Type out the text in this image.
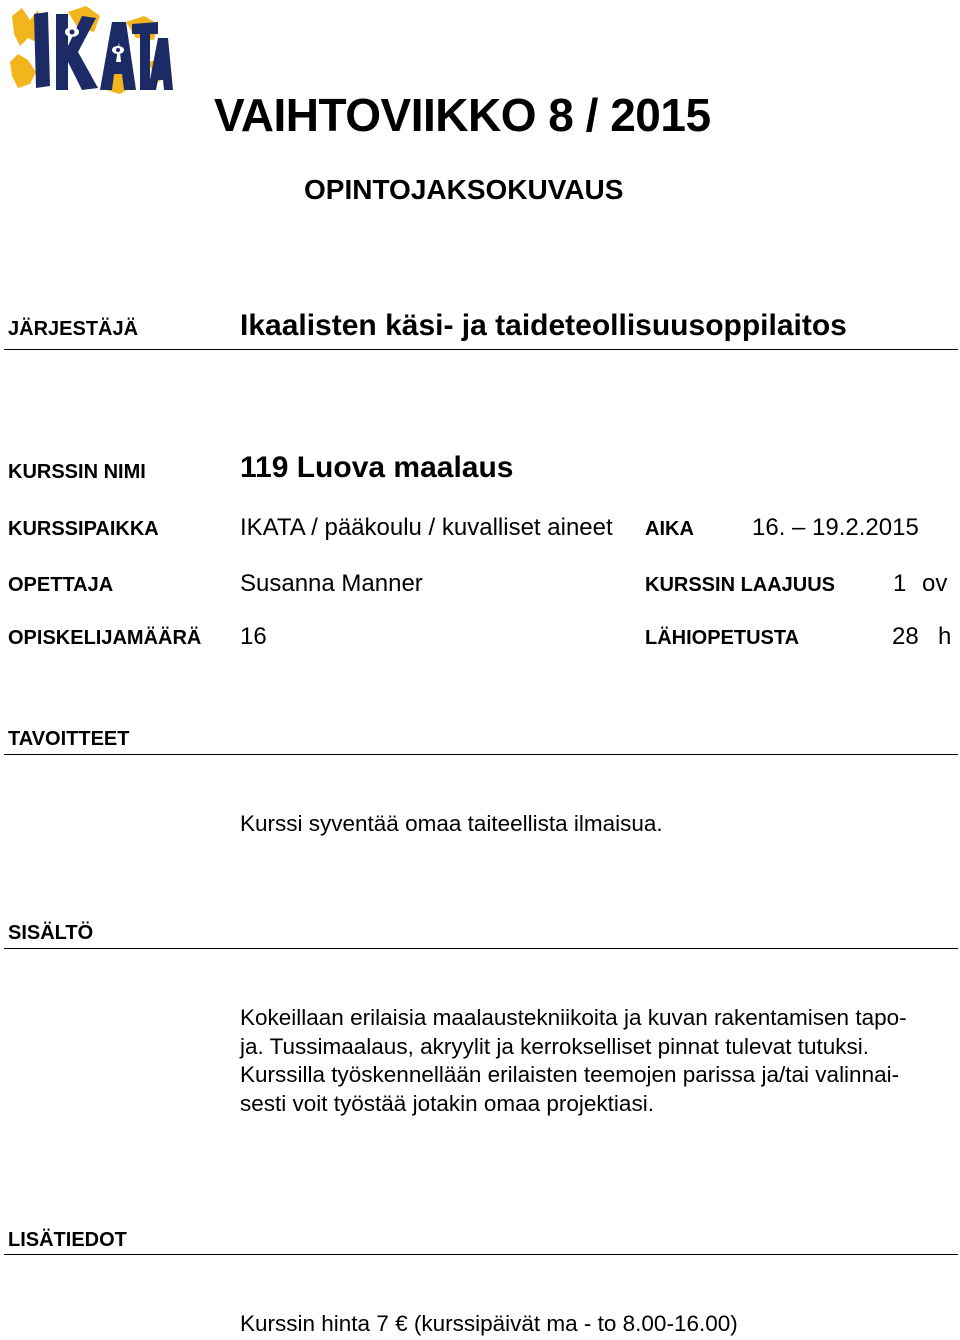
IKATA	VAIHTOVIIKKO 8 / 2015
OPINTOJAKSOKUVAUS
JÄRJESTÄJÄ	Ikaalisten käsi- ja taideteollisuusoppilaitos
KURSSIN NIMI	119 Luova maalaus
KURSSIPAIKKA	IKATA / pääkoulu / kuvalliset aineet AIKA 16. – 19.2.2015
OPETTAJA	Susanna Manner	KURSSIN LAAJUUS 1 ov
OPISKELIJAMÄÄRÄ 16	LÄHIOPETUSTA	28 h
TAVOITTEET
Kurssi syventää omaa taiteellista ilmaisua.
SISÄLTÖ
Kokeillaan erilaisia maalaustekniikoita ja kuvan rakentamisen tapo-
ja. Tussimaalaus, akryylit ja kerrokselliset pinnat tulevat tutuksi.
Kurssilla työskennellään erilaisten teemojen parissa ja/tai valinnai-
sesti voit työstää jotakin omaa projektiasi.
LISÄTIEDOT
Kurssin hinta 7 € (kurssipäivät ma - to 8.00-16.00)
